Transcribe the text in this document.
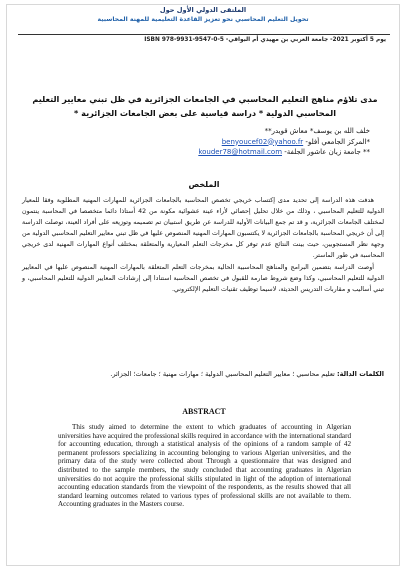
الملتقى الدولي الأول حول
تحويل التعليم المحاسبي نحو تعزيز القاعدة التعليمية للمهنة المحاسبية
يوم 5 أكتوبر 2021- جامعة العربي بن مهيدي أم البواقي- ISBN 978-9931-9547-0-5
مدى تلاؤم مناهج التعليم المحاسبي في الجامعات الجزائرية في ظل تبني معايير التعليم
المحاسبي الدولية * دراسة قياسية على بعض الجامعات الجزائرية *
خلف الله بن يوسف* معاش قويدر**
*المركز الجامعي أفلو- benyoucef02@yahoo.fr
** جامعة زيان عاشور الجلفة- kouder78@hotmail.com
الملخص

هدفت هذه الدراسة إلى تحديد مدى إكتساب خريجي تخصص المحاسبة بالجامعات الجزائرية للمهارات المهنية المطلوبة وفقا للمعيار الدولية للتعليم المحاسبي ، وذلك من خلال تحليل إحصائي لأراء عينة عشوائية مكونة من 42 أستاذا دائما متخصصا في المحاسبة ينتمون لمختلف الجامعات الجزائرية، و قد تم جمع البيانات الأولية للدراسة عن طريق استبيان تم تصميمه وتوزيعه على أفراد العينة، توصلت الدراسة إلى أن خريجي المحاسبة بالجامعات الجزائرية لا يكتسبون المهارات المهنية المنصوص عليها في ظل تبني معايير التعليم المحاسبي الدولية من وجهة نظر المستجوبين، حيث بينت النتائج عدم توفر كل مخرجات التعلم المعيارية والمتعلقة بمختلف أنواع المهارات المهنية لدى خريجي المحاسبة في طور الماستر.

أوصت الدراسة بتضمين البرامج والمناهج المحاسبية الحالية بمخرجات التعلم المتعلقة بالمهارات المهنية المنصوص عليها في المعايير الدولية للتعليم المحاسبي، وكذا وضع شروط صارمة للقبول في تخصص المحاسبة استنادا إلى إرشادات المعايير الدولية للتعليم المحاسبي، و تبني أساليب و مقاربات التدريس الحديثة، لاسيما توظيف تقنيات التعليم الإلكتروني.

الكلمات الدالة: تعليم محاسبي ؛ معايير التعليم المحاسبي الدولية ؛ مهارات مهنية ؛ جامعات؛ الجزائر.
ABSTRACT

This study aimed to determine the extent to which graduates of accounting in Algerian universities have acquired the professional skills required in accordance with the international standard for accounting education, through a statistical analysis of the opinions of a random sample of 42 permanent professors specializing in accounting belonging to various Algerian universities, and the primary data of the study were collected about Through a questionnaire that was designed and distributed to the sample members, the study concluded that accounting graduates in Algerian universities do not acquire the professional skills stipulated in light of the adoption of international accounting education standards from the viewpoint of the respondents, as the results showed that all standard learning outcomes related to various types of professional skills are not available to them. Accounting graduates in the Masters course.
